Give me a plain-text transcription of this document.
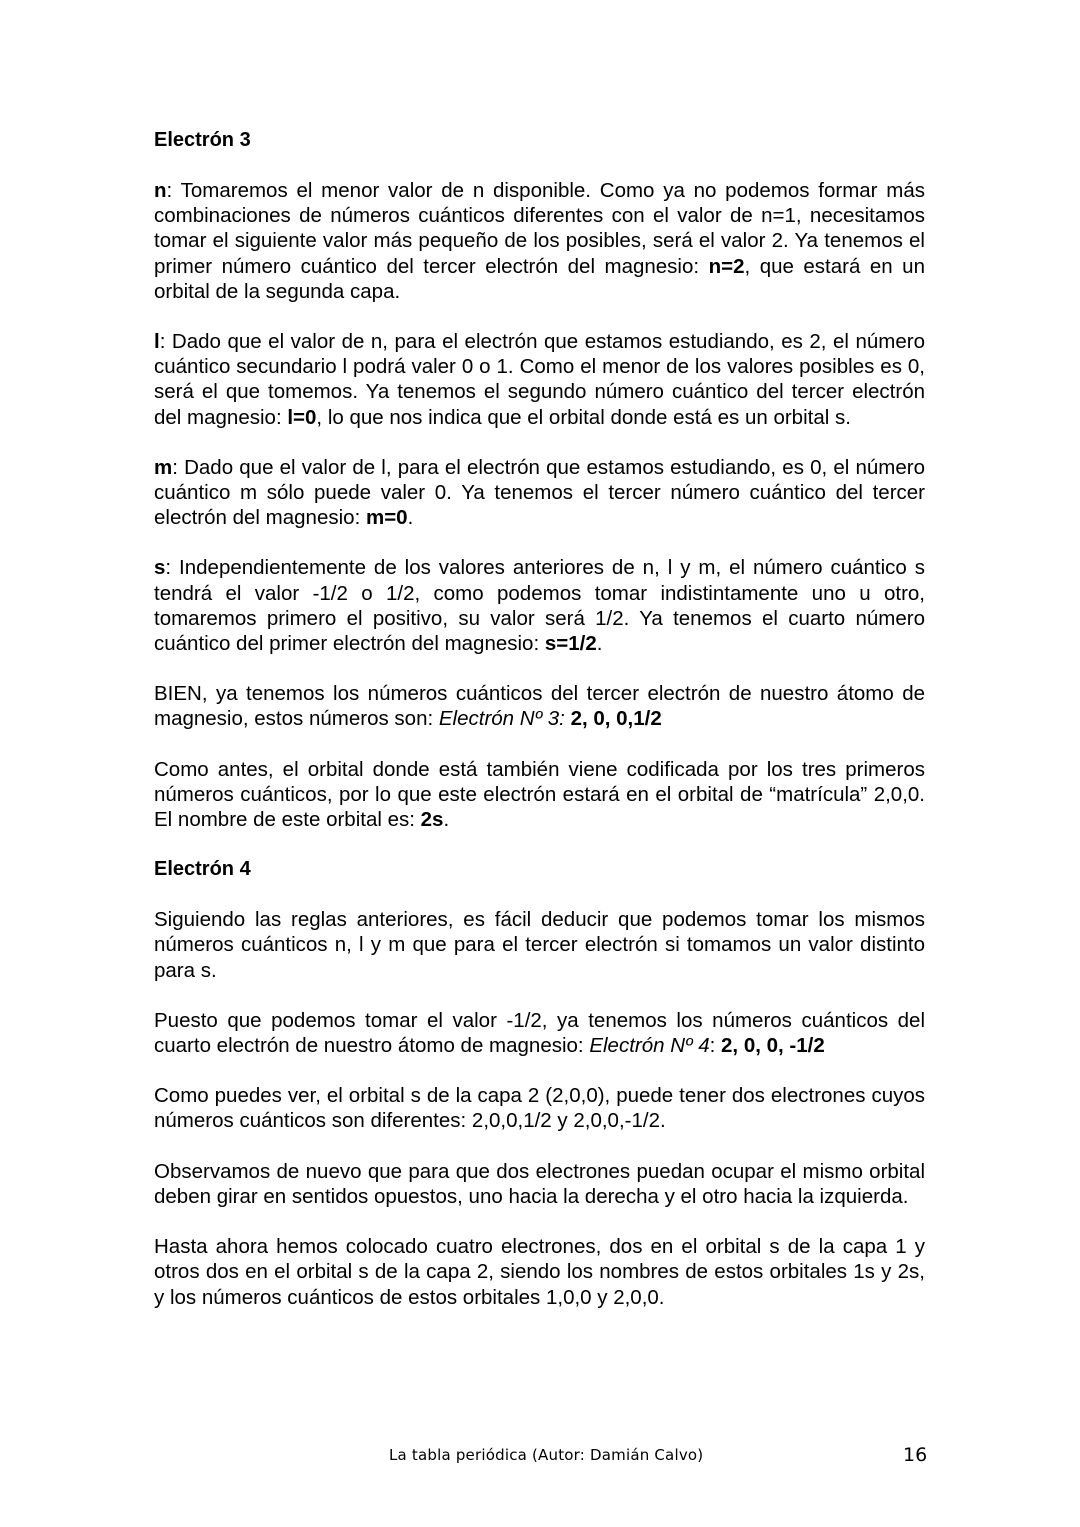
Electrón 3

n: Tomaremos el menor valor de n disponible. Como ya no podemos formar más combinaciones de números cuánticos diferentes con el valor de n=1, necesitamos tomar el siguiente valor más pequeño de los posibles, será el valor 2. Ya tenemos el primer número cuántico del tercer electrón del magnesio: n=2, que estará en un orbital de la segunda capa.

l: Dado que el valor de n, para el electrón que estamos estudiando, es 2, el número cuántico secundario l podrá valer 0 o 1. Como el menor de los valores posibles es 0, será el que tomemos. Ya tenemos el segundo número cuántico del tercer electrón del magnesio: l=0, lo que nos indica que el orbital donde está es un orbital s.

m: Dado que el valor de l, para el electrón que estamos estudiando, es 0, el número cuántico m sólo puede valer 0. Ya tenemos el tercer número cuántico del tercer electrón del magnesio: m=0.

s: Independientemente de los valores anteriores de n, l y m, el número cuántico s tendrá el valor -1/2 o 1/2, como podemos tomar indistintamente uno u otro, tomaremos primero el positivo, su valor será 1/2. Ya tenemos el cuarto número cuántico del primer electrón del magnesio: s=1/2.

BIEN, ya tenemos los números cuánticos del tercer electrón de nuestro átomo de magnesio, estos números son: Electrón Nº 3: 2, 0, 0,1/2

Como antes, el orbital donde está también viene codificada por los tres primeros números cuánticos, por lo que este electrón estará en el orbital de “matrícula” 2,0,0. El nombre de este orbital es: 2s.

Electrón 4

Siguiendo las reglas anteriores, es fácil deducir que podemos tomar los mismos números cuánticos n, l y m que para el tercer electrón si tomamos un valor distinto para s.

Puesto que podemos tomar el valor -1/2, ya tenemos los números cuánticos del cuarto electrón de nuestro átomo de magnesio: Electrón Nº 4: 2, 0, 0, -1/2

Como puedes ver, el orbital s de la capa 2 (2,0,0), puede tener dos electrones cuyos números cuánticos son diferentes: 2,0,0,1/2 y 2,0,0,-1/2.

Observamos de nuevo que para que dos electrones puedan ocupar el mismo orbital deben girar en sentidos opuestos, uno hacia la derecha y el otro hacia la izquierda.

Hasta ahora hemos colocado cuatro electrones, dos en el orbital s de la capa 1 y otros dos en el orbital s de la capa 2, siendo los nombres de estos orbitales 1s y 2s, y los números cuánticos de estos orbitales 1,0,0 y 2,0,0.

La tabla periódica (Autor: Damián Calvo)	16
